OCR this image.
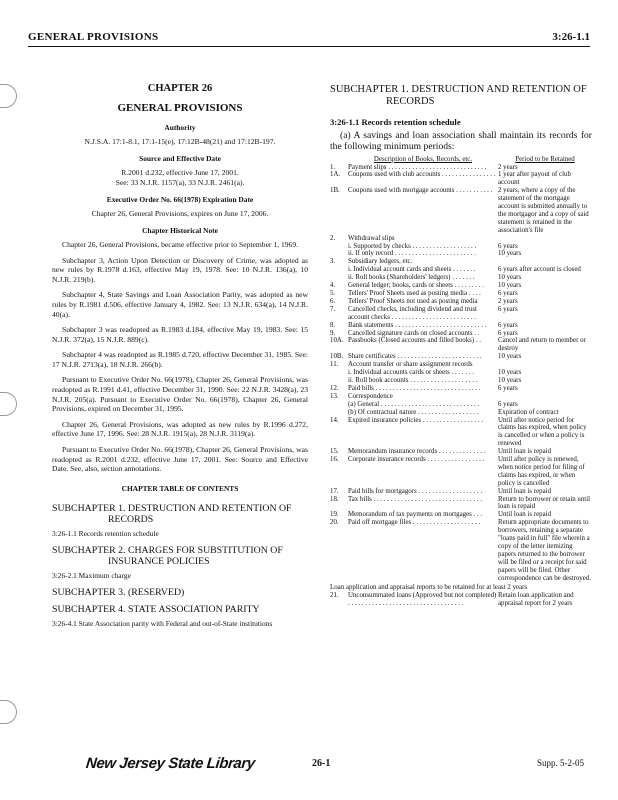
GENERAL PROVISIONS	3:26-1.1
CHAPTER 26
GENERAL PROVISIONS
Authority
N.J.S.A. 17:1-8.1, 17:1-15(e), 17:12B-48(21) and 17:12B-197.
Source and Effective Date
R.2001 d.232, effective June 17, 2001.
See: 33 N.J.R. 1157(a), 33 N.J.R. 2461(a).
Executive Order No. 66(1978) Expiration Date
Chapter 26, General Provisions, expires on June 17, 2006.
Chapter Historical Note
Chapter 26, General Provisions, became effective prior to September 1, 1969.
Subchapter 3, Action Upon Detection or Discovery of Crime, was adopted as new rules by R.1978 d.163, effective May 19, 1978. See: 10 N.J.R. 136(a), 10 N.J.R. 219(b).
Subchapter 4, State Savings and Loan Association Parity, was adopted as new rules by R.1981 d.506, effective January 4, 1982. See: 13 N.J.R. 634(a), 14 N.J.R. 40(a).
Subchapter 3 was readopted as R.1983 d.184, effective May 19, 1983. See: 15 N.J.R. 372(a), 15 N.J.R. 889(c).
Subchapter 4 was readopted as R.1985 d.720, effective December 31, 1985. See: 17 N.J.R. 2713(a), 18 N.J.R. 266(b).
Pursuant to Executive Order No. 66(1978), Chapter 26, General Provisions, was readopted as R.1991 d.41, effective December 31, 1990. See: 22 N.J.R. 3428(a), 23 N.J.R. 205(a). Pursuant to Executive Order No. 66(1978), Chapter 26, General Provisions, expired on December 31, 1995.
Chapter 26, General Provisions, was adopted as new rules by R.1996 d.272, effective June 17, 1996. See: 28 N.J.R. 1915(a), 28 N.J.R. 3119(a).
Pursuant to Executive Order No. 66(1978), Chapter 26, General Provisions, was readopted as R.2001 d.232, effective June 17, 2001. See: Source and Effective Date. See, also, section annotations.
CHAPTER TABLE OF CONTENTS
SUBCHAPTER 1. DESTRUCTION AND RETENTION OF RECORDS
3:26-1.1 Records retention schedule
SUBCHAPTER 2. CHARGES FOR SUBSTITUTION OF INSURANCE POLICIES
3:26-2.1 Maximum charge
SUBCHAPTER 3. (RESERVED)
SUBCHAPTER 4. STATE ASSOCIATION PARITY
3:26-4.1 State Association parity with Federal and out-of-State institutions
SUBCHAPTER 1. DESTRUCTION AND RETENTION OF RECORDS
3:26-1.1 Records retention schedule
(a) A savings and loan association shall maintain its records for the following minimum periods:
	Description of Books, Records, etc.	Period to be Retained
1.	Payment slips . . . . . . . . . . . . . . . . . . . . . . . . . . . . .	2 years
1A.	Coupons used with club accounts . . . . . . . . . . . . . . . .	1 year after payout of club account
1B.	Coupons used with mortgage accounts . . . . . . . . . . .	2 years, where a copy of the statement of the mortgage account is submitted annually to the mortgagor and a copy of said statement is retained in the association's file
2.	Withdrawal slips	
	i. Supported by checks . . . . . . . . . . . . . . . . . . .	6 years
	ii. If only record . . . . . . . . . . . . . . . . . . . . . . . .	10 years
3.	Subsidiary ledgers, etc.	
	i. Individual account cards and sheets . . . . . . .	6 years after account is closed
	ii. Roll books (Shareholders' ledgers) . . . . . . .	10 years
4.	General ledger; books, cards or sheets . . . . . . . . .	10 years
5.	Tellers' Proof Sheets used as posting media . . . .	6 years
6.	Tellers' Proof Sheets not used as posting media	2 years
7.	Cancelled checks, including dividend and trust account checks . . . . . . . . . . . . . . . . . . . . . . . . .	6 years
8.	Bank statements . . . . . . . . . . . . . . . . . . . . . . . . . . .	6 years
9.	Cancelled signature cards on closed accounts . .	6 years
10A.	Passbooks (Closed accounts and filled books) . .	Cancel and return to member or destroy
10B.	Share certificates . . . . . . . . . . . . . . . . . . . . . . . . .	10 years
11.	Account transfer or share assignment records	
	i. Individual accounts cards or sheets . . . . . . .	10 years
	ii. Roll book accounts . . . . . . . . . . . . . . . . . . . .	10 years
12.	Paid bills . . . . . . . . . . . . . . . . . . . . . . . . . . . . . . .	6 years
13.	Correspondence	
	(a) General . . . . . . . . . . . . . . . . . . . . . . . . . . . . .	6 years
	(b) Of contractual nature . . . . . . . . . . . . . . . . . .	Expiration of contract
14.	Expired insurance policies . . . . . . . . . . . . . . . . . .	Until after notice period for claims has expired, when policy is cancelled or when a policy is renewed
15.	Memorandum insurance records . . . . . . . . . . . . . .	Until loan is repaid
16.	Corporate insurance records . . . . . . . . . . . . . . . . .	Until after policy is renewed, when notice period for filing of claims has expired, or when policy is cancelled
17.	Paid bills for mortgagors . . . . . . . . . . . . . . . . . . .	Until loan is repaid
18.	Tax bills . . . . . . . . . . . . . . . . . . . . . . . . . . . . . . . .	Return to borrower or retain until loan is repaid
19.	Memorandum of tax payments on mortgages . . .	Until loan is repaid
20.	Paid off mortgage files . . . . . . . . . . . . . . . . . . . .	Return appropriate documents to borrowers, retaining a separate "loans paid in full" file wherein a copy of the letter itemizing papers returned to the borrower will be filed or a receipt for said papers will be filed. Other correspondence can be destroyed.

Loan application and appraisal reports to be retained for at least 2 years		

21.	Unconsummated loans (Approved but not completed) . . . . . . . . . . . . . . . . . . . . . . . . . . . . . . . . . .	Retain loan application and appraisal report for 2 years
New Jersey State Library	26-1	Supp. 5-2-05
